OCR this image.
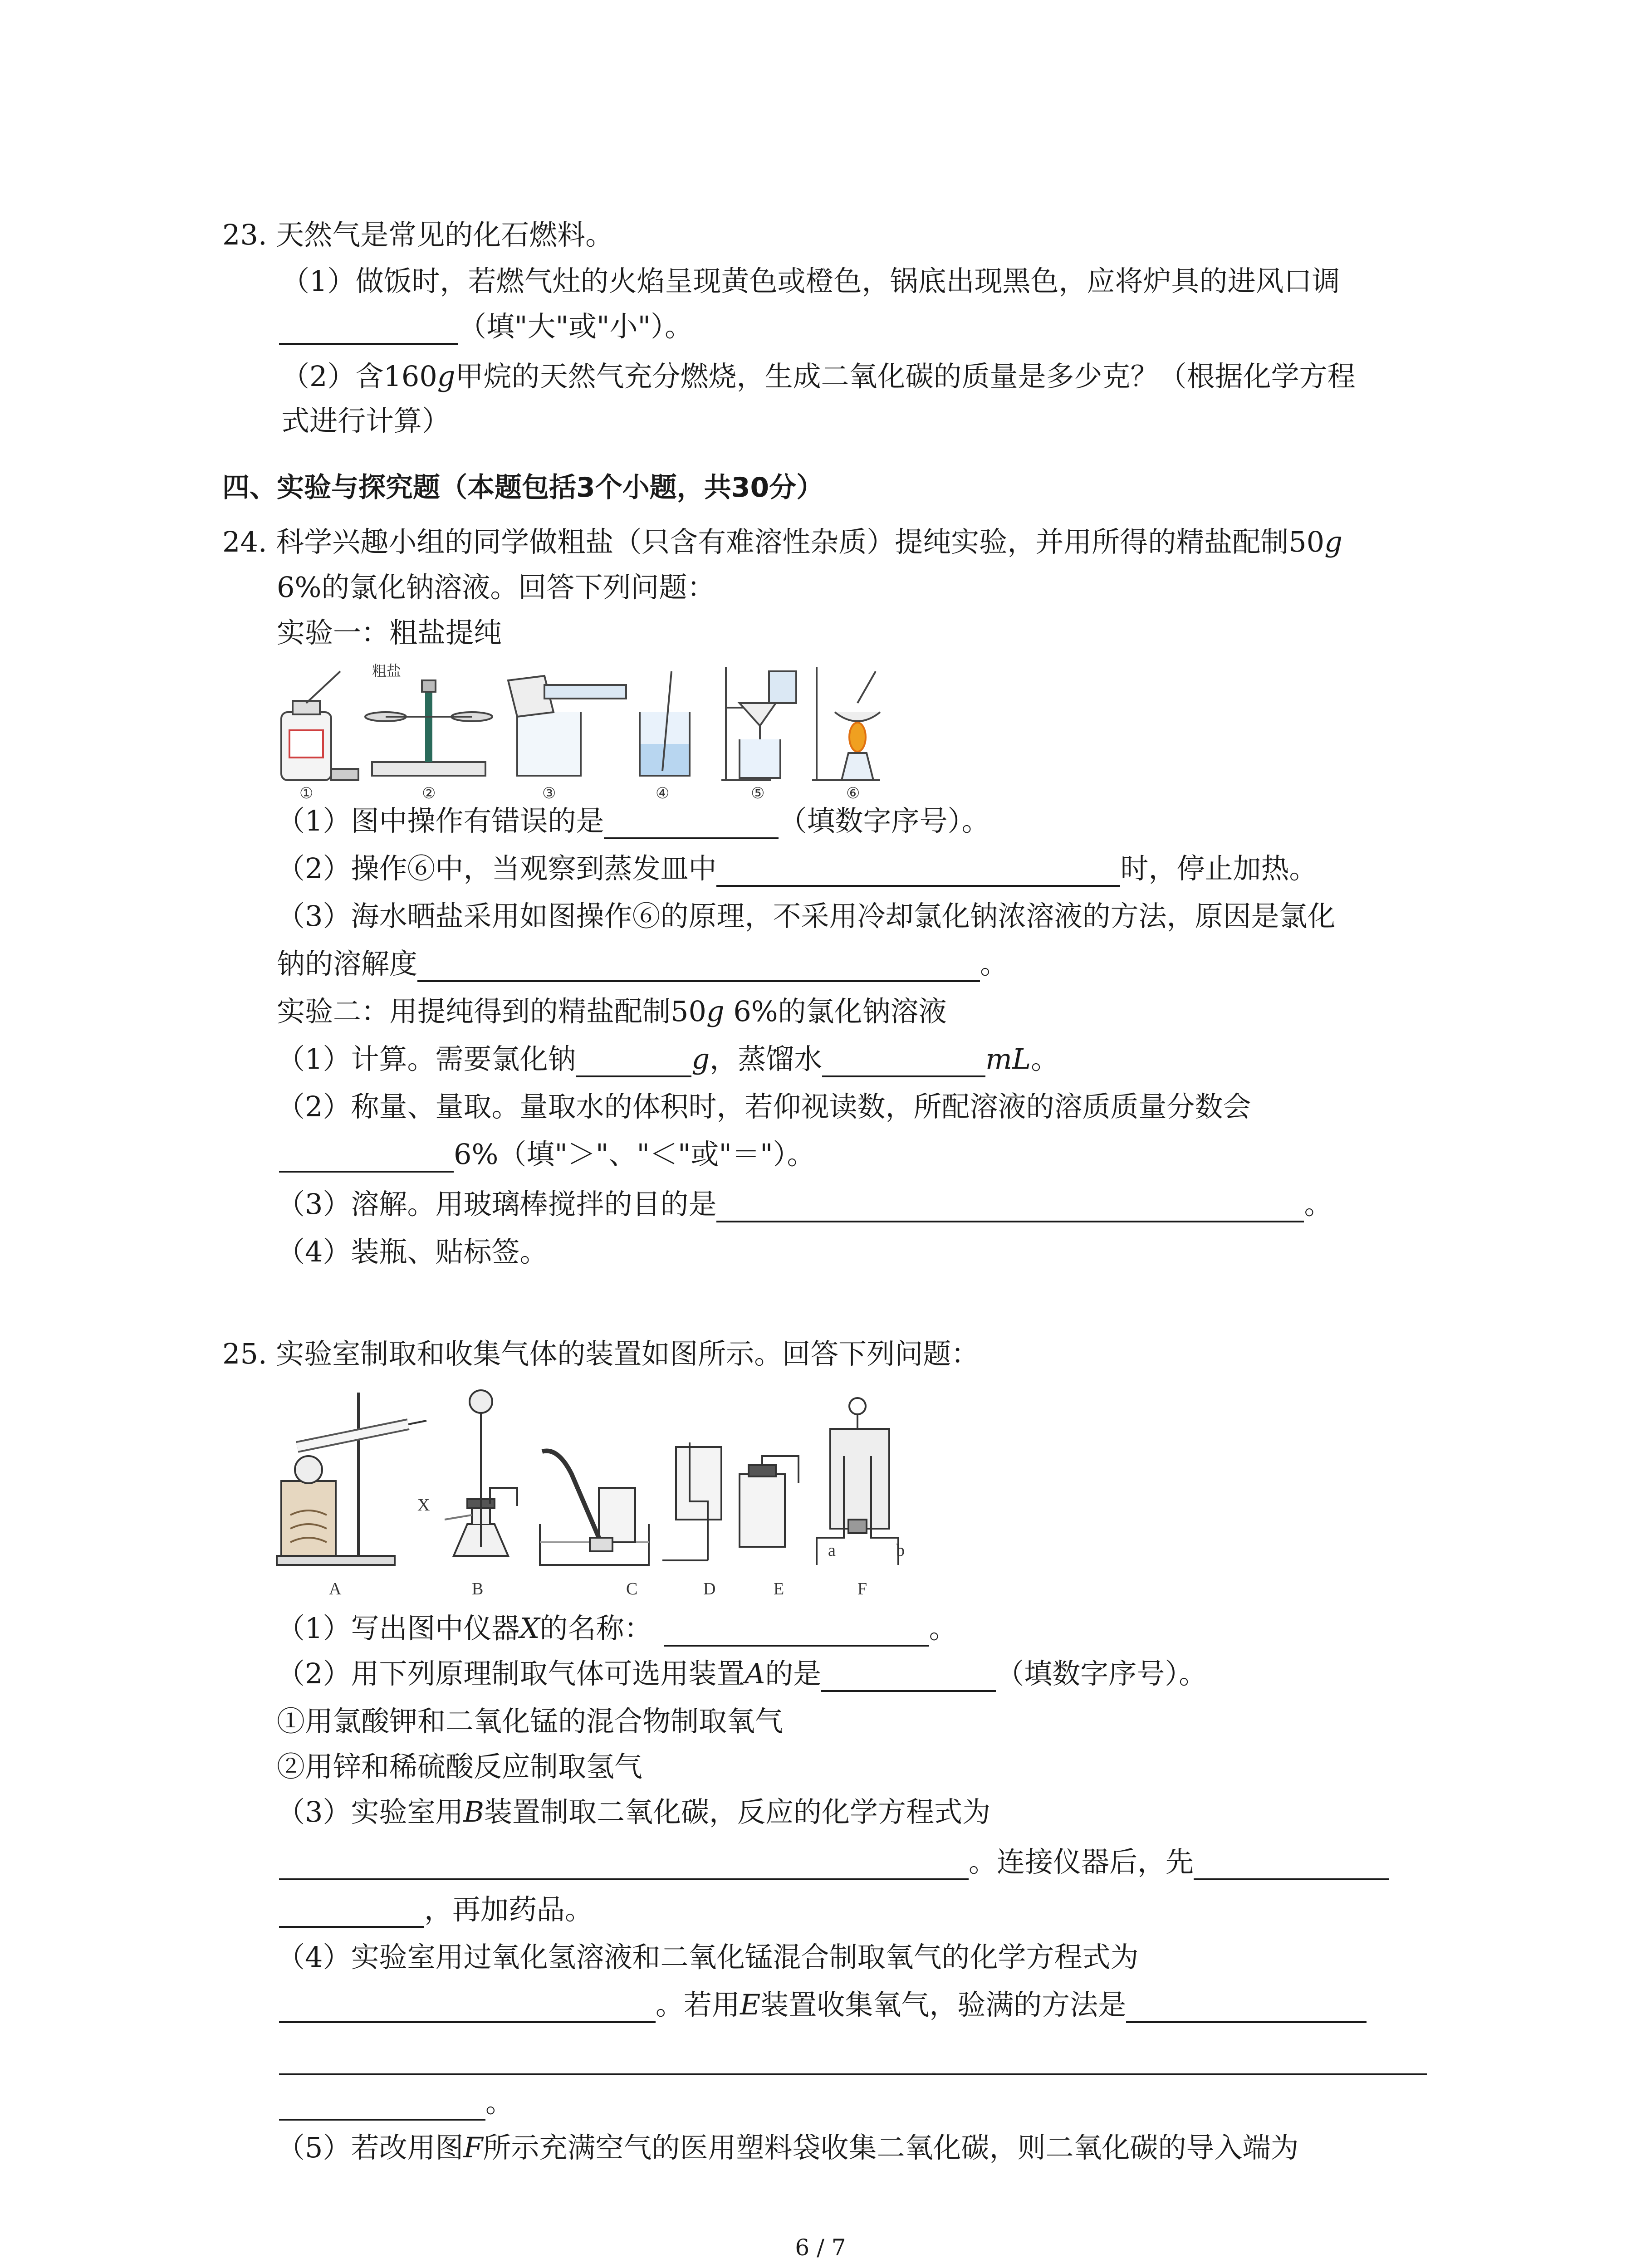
23. 天然气是常见的化石燃料。
（1）做饭时，若燃气灶的火焰呈现黄色或橙色，锅底出现黑色，应将炉具的进风口调
（填"大"或"小"）。
（2）含160g甲烷的天然气充分燃烧，生成二氧化碳的质量是多少克？（根据化学方程
式进行计算）
四、实验与探究题（本题包括3个小题，共30分）
24. 科学兴趣小组的同学做粗盐（只含有难溶性杂质）提纯实验，并用所得的精盐配制50g
6%的氯化钠溶液。回答下列问题：
实验一：粗盐提纯
粗盐
①	②	③	④	⑤	⑥
（1）图中操作有错误的是	（填数字序号）。
（2）操作⑥中，当观察到蒸发皿中	时，停止加热。
（3）海水晒盐采用如图操作⑥的原理，不采用冷却氯化钠浓溶液的方法，原因是氯化
钠的溶解度	。
实验二：用提纯得到的精盐配制50g 6%的氯化钠溶液
（1）计算。需要氯化钠	g，蒸馏水	mL。
（2）称量、量取。量取水的体积时，若仰视读数，所配溶液的溶质质量分数会
6%（填"＞"、"＜"或"＝"）。
（3）溶解。用玻璃棒搅拌的目的是	。
（4）装瓶、贴标签。
25. 实验室制取和收集气体的装置如图所示。回答下列问题：
X
a	b
A	B	C	D	E	F
（1）写出图中仪器X的名称：	。
（2）用下列原理制取气体可选用装置A的是	（填数字序号）。
①用氯酸钾和二氧化锰的混合物制取氧气
②用锌和稀硫酸反应制取氢气
（3）实验室用B装置制取二氧化碳，反应的化学方程式为
。连接仪器后，先
，再加药品。
（4）实验室用过氧化氢溶液和二氧化锰混合制取氧气的化学方程式为
。若用E装置收集氧气，验满的方法是
。
（5）若改用图F所示充满空气的医用塑料袋收集二氧化碳，则二氧化碳的导入端为
6 / 7
